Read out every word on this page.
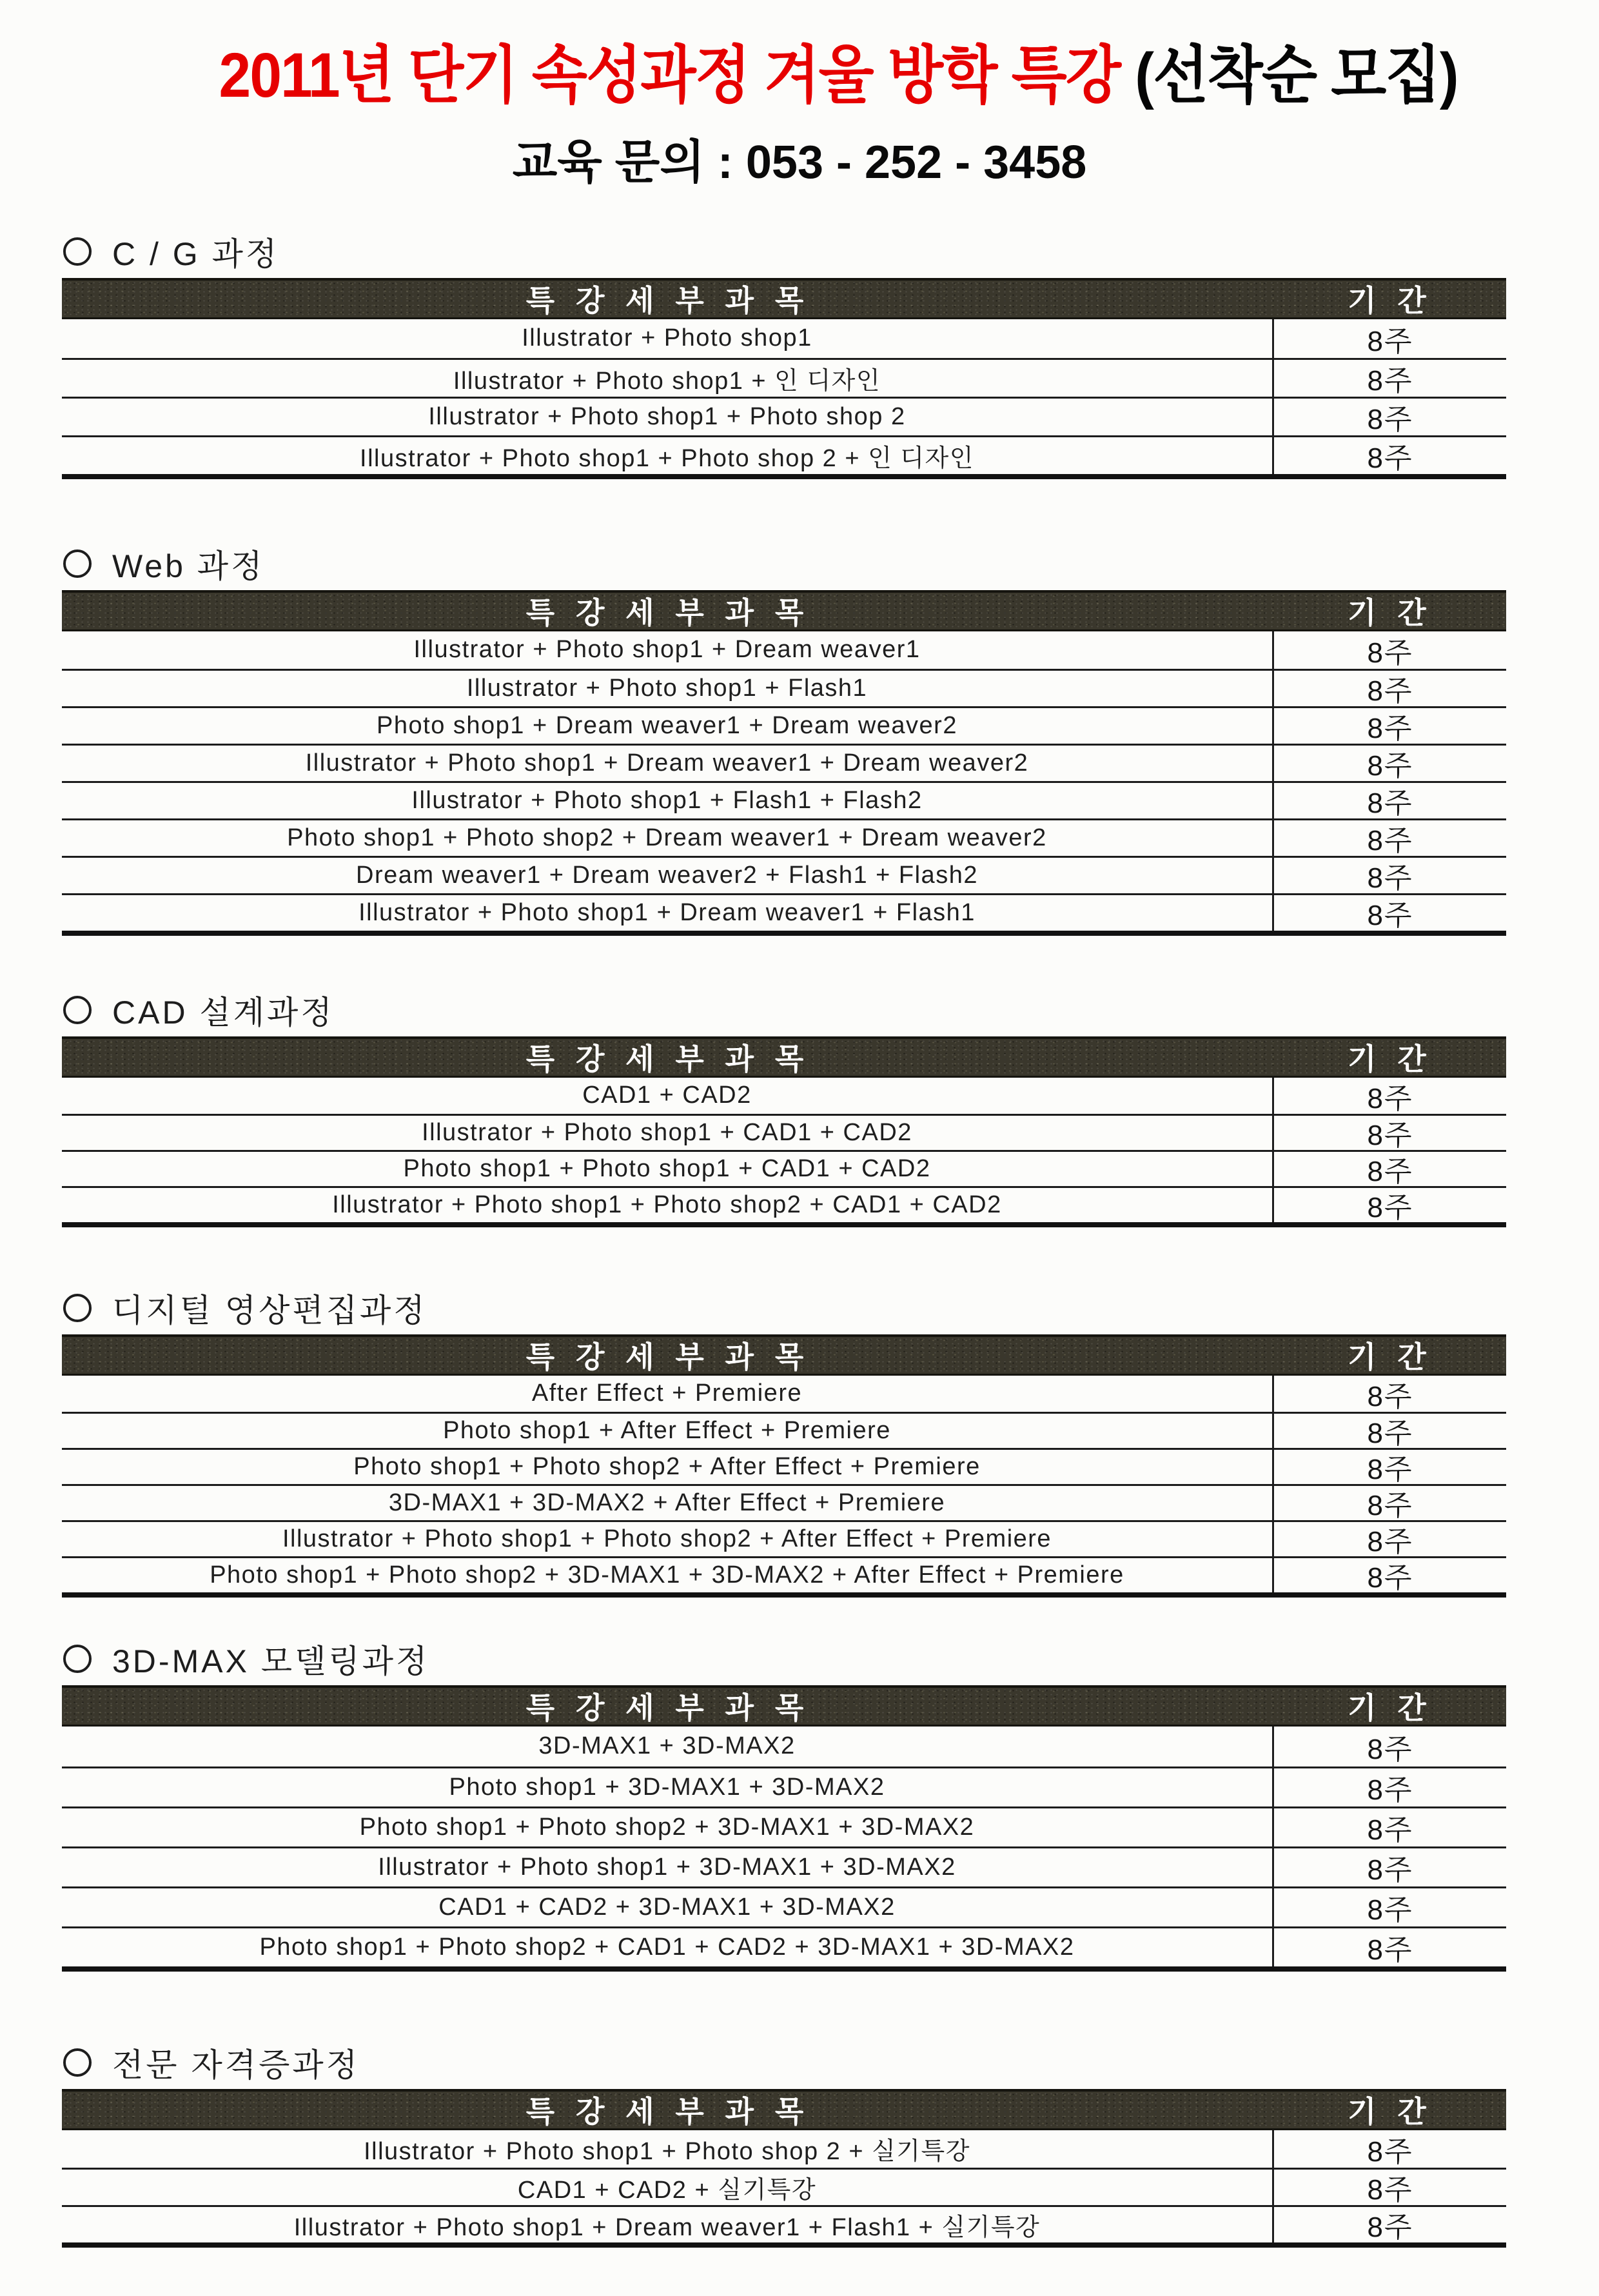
2011년 단기 속성과정 겨울 방학 특강 (선착순 모집)
교육 문의 : 053 - 252 - 3458
C / G 과정
특 강 세 부 과 목	기 간
Illustrator + Photo shop1	8주
Illustrator + Photo shop1 + 인 디자인	8주
Illustrator + Photo shop1 + Photo shop 2	8주
Illustrator + Photo shop1 + Photo shop 2 + 인 디자인	8주
Web 과정
특 강 세 부 과 목	기 간
Illustrator + Photo shop1 + Dream weaver1	8주
Illustrator + Photo shop1 + Flash1	8주
Photo shop1 + Dream weaver1 + Dream weaver2	8주
Illustrator + Photo shop1 + Dream weaver1 + Dream weaver2	8주
Illustrator + Photo shop1 + Flash1 + Flash2	8주
Photo shop1 + Photo shop2 + Dream weaver1 + Dream weaver2	8주
Dream weaver1 + Dream weaver2 + Flash1 + Flash2	8주
Illustrator + Photo shop1 + Dream weaver1 + Flash1	8주
CAD 설계과정
특 강 세 부 과 목	기 간
CAD1 + CAD2	8주
Illustrator + Photo shop1 + CAD1 + CAD2	8주
Photo shop1 + Photo shop1 + CAD1 + CAD2	8주
Illustrator + Photo shop1 + Photo shop2 + CAD1 + CAD2	8주
디지털 영상편집과정
특 강 세 부 과 목	기 간
After Effect + Premiere	8주
Photo shop1 + After Effect + Premiere	8주
Photo shop1 + Photo shop2 + After Effect + Premiere	8주
3D-MAX1 + 3D-MAX2 + After Effect + Premiere	8주
Illustrator + Photo shop1 + Photo shop2 + After Effect + Premiere	8주
Photo shop1 + Photo shop2 + 3D-MAX1 + 3D-MAX2 + After Effect + Premiere	8주
3D-MAX 모델링과정
특 강 세 부 과 목	기 간
3D-MAX1 + 3D-MAX2	8주
Photo shop1 + 3D-MAX1 + 3D-MAX2	8주
Photo shop1 + Photo shop2 + 3D-MAX1 + 3D-MAX2	8주
Illustrator + Photo shop1 + 3D-MAX1 + 3D-MAX2	8주
CAD1 + CAD2 + 3D-MAX1 + 3D-MAX2	8주
Photo shop1 + Photo shop2 + CAD1 + CAD2 + 3D-MAX1 + 3D-MAX2	8주
전문 자격증과정
특 강 세 부 과 목	기 간
Illustrator + Photo shop1 + Photo shop 2 + 실기특강	8주
CAD1 + CAD2 + 실기특강	8주
Illustrator + Photo shop1 + Dream weaver1 + Flash1 + 실기특강	8주
